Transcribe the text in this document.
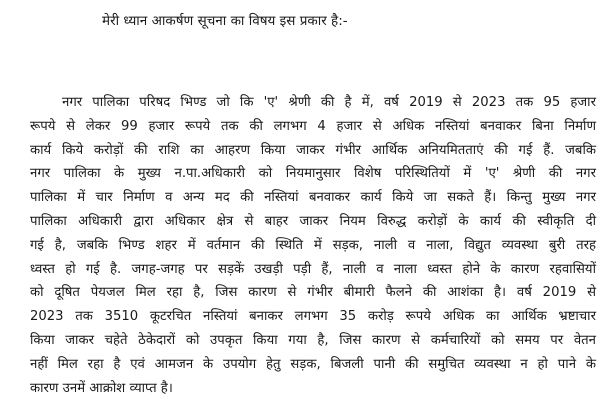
मेरी ध्यान आकर्षण सूचना का विषय इस प्रकार है:-
नगर पालिका परिषद भिण्ड जो कि 'ए' श्रेणी की है में, वर्ष 2019 से 2023 तक 95 हजार
रूपये से लेकर 99 हजार रूपये तक की लगभग 4 हजार से अधिक नस्तियां बनवाकर बिना निर्माण
कार्य किये करोड़ों की राशि का आहरण किया जाकर गंभीर आर्थिक अनियमितताएं की गई हैं. जबकि
नगर पालिका के मुख्य न.पा.अधिकारी को नियमानुसार विशेष परिस्थितियों में 'ए' श्रेणी की नगर
पालिका में चार निर्माण व अन्य मद की नस्तियां बनवाकर कार्य किये जा सकते हैं। किन्तु मुख्य नगर
पालिका अधिकारी द्वारा अधिकार क्षेत्र से बाहर जाकर नियम विरुद्ध करोड़ों के कार्य की स्वीकृति दी
गई है, जबकि भिण्ड शहर में वर्तमान की स्थिति में सड़क, नाली व नाला, विद्युत व्यवस्था बुरी तरह
ध्वस्त हो गई है. जगह-जगह पर सड़कें उखड़ी पड़ी हैं, नाली व नाला ध्वस्त होने के कारण रहवासियों
को दूषित पेयजल मिल रहा है, जिस कारण से गंभीर बीमारी फैलने की आशंका है। वर्ष 2019 से
2023 तक 3510 कूटरचित नस्तियां बनाकर लगभग 35 करोड़ रूपये अधिक का आर्थिक भ्रष्टाचार
किया जाकर चहेते ठेकेदारों को उपकृत किया गया है, जिस कारण से कर्मचारियों को समय पर वेतन
नहीं मिल रहा है एवं आमजन के उपयोग हेतु सड़क, बिजली पानी की समुचित व्यवस्था न हो पाने के
कारण उनमें आक्रोश व्याप्त है।
